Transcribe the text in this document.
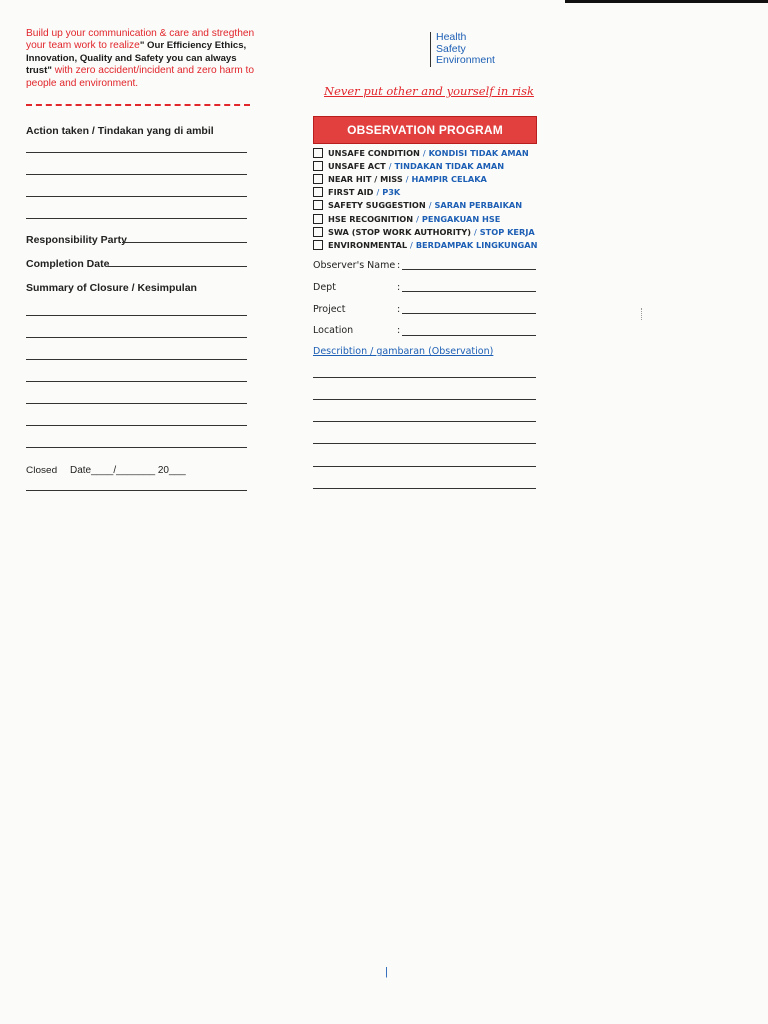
Build up your communication & care and stregthen your team work to realize" Our Efficiency Ethics, Innovation, Quality and Safety you can always trust" with zero accident/incident and zero harm to people and environment.
Action taken / Tindakan yang di ambil
Responsibility Party
Completion Date
Summary of Closure / Kesimpulan
Closed Date____/_______ 20___
Health
Safety
Environment
Never put other and yourself in risk
OBSERVATION PROGRAM
UNSAFE CONDITION / KONDISI TIDAK AMAN
UNSAFE ACT / TINDAKAN TIDAK AMAN
NEAR HIT / MISS / HAMPIR CELAKA
FIRST AID / P3K
SAFETY SUGGESTION / SARAN PERBAIKAN
HSE RECOGNITION / PENGAKUAN HSE
SWA (STOP WORK AUTHORITY) / STOP KERJA
ENVIRONMENTAL / BERDAMPAK LINGKUNGAN
Observer's Name :
Dept	:
Project	:
Location	:
Describtion / gambaran (Observation)
|
